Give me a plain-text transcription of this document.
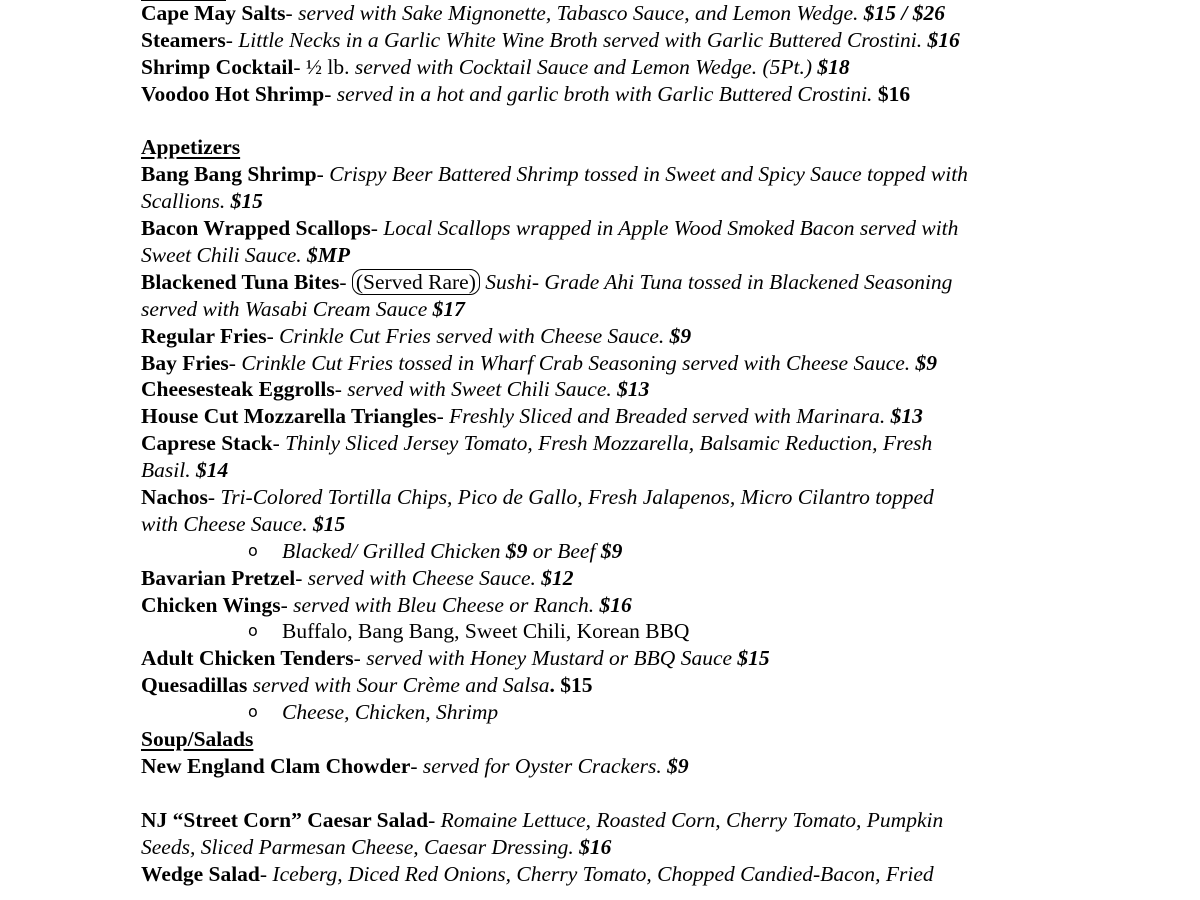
Cape May Salts- served with Sake Mignonette, Tabasco Sauce, and Lemon Wedge. $15 / $26
Steamers- Little Necks in a Garlic White Wine Broth served with Garlic Buttered Crostini. $16
Shrimp Cocktail- ½ lb. served with Cocktail Sauce and Lemon Wedge. (5Pt.) $18
Voodoo Hot Shrimp- served in a hot and garlic broth with Garlic Buttered Crostini. $16
Appetizers
Bang Bang Shrimp- Crispy Beer Battered Shrimp tossed in Sweet and Spicy Sauce topped with
Scallions. $15
Bacon Wrapped Scallops- Local Scallops wrapped in Apple Wood Smoked Bacon served with
Sweet Chili Sauce. $MP
Blackened Tuna Bites- (Served Rare) Sushi- Grade Ahi Tuna tossed in Blackened Seasoning
served with Wasabi Cream Sauce $17
Regular Fries- Crinkle Cut Fries served with Cheese Sauce. $9
Bay Fries- Crinkle Cut Fries tossed in Wharf Crab Seasoning served with Cheese Sauce. $9
Cheesesteak Eggrolls- served with Sweet Chili Sauce. $13
House Cut Mozzarella Triangles- Freshly Sliced and Breaded served with Marinara. $13
Caprese Stack- Thinly Sliced Jersey Tomato, Fresh Mozzarella, Balsamic Reduction, Fresh
Basil. $14
Nachos- Tri-Colored Tortilla Chips, Pico de Gallo, Fresh Jalapenos, Micro Cilantro topped
with Cheese Sauce. $15
o Blacked/ Grilled Chicken $9 or Beef $9
Bavarian Pretzel- served with Cheese Sauce. $12
Chicken Wings- served with Bleu Cheese or Ranch. $16
o Buffalo, Bang Bang, Sweet Chili, Korean BBQ
Adult Chicken Tenders- served with Honey Mustard or BBQ Sauce $15
Quesadillas served with Sour Crème and Salsa. $15
o Cheese, Chicken, Shrimp
Soup/Salads
New England Clam Chowder- served for Oyster Crackers. $9
NJ “Street Corn” Caesar Salad- Romaine Lettuce, Roasted Corn, Cherry Tomato, Pumpkin
Seeds, Sliced Parmesan Cheese, Caesar Dressing. $16
Wedge Salad- Iceberg, Diced Red Onions, Cherry Tomato, Chopped Candied-Bacon, Fried
